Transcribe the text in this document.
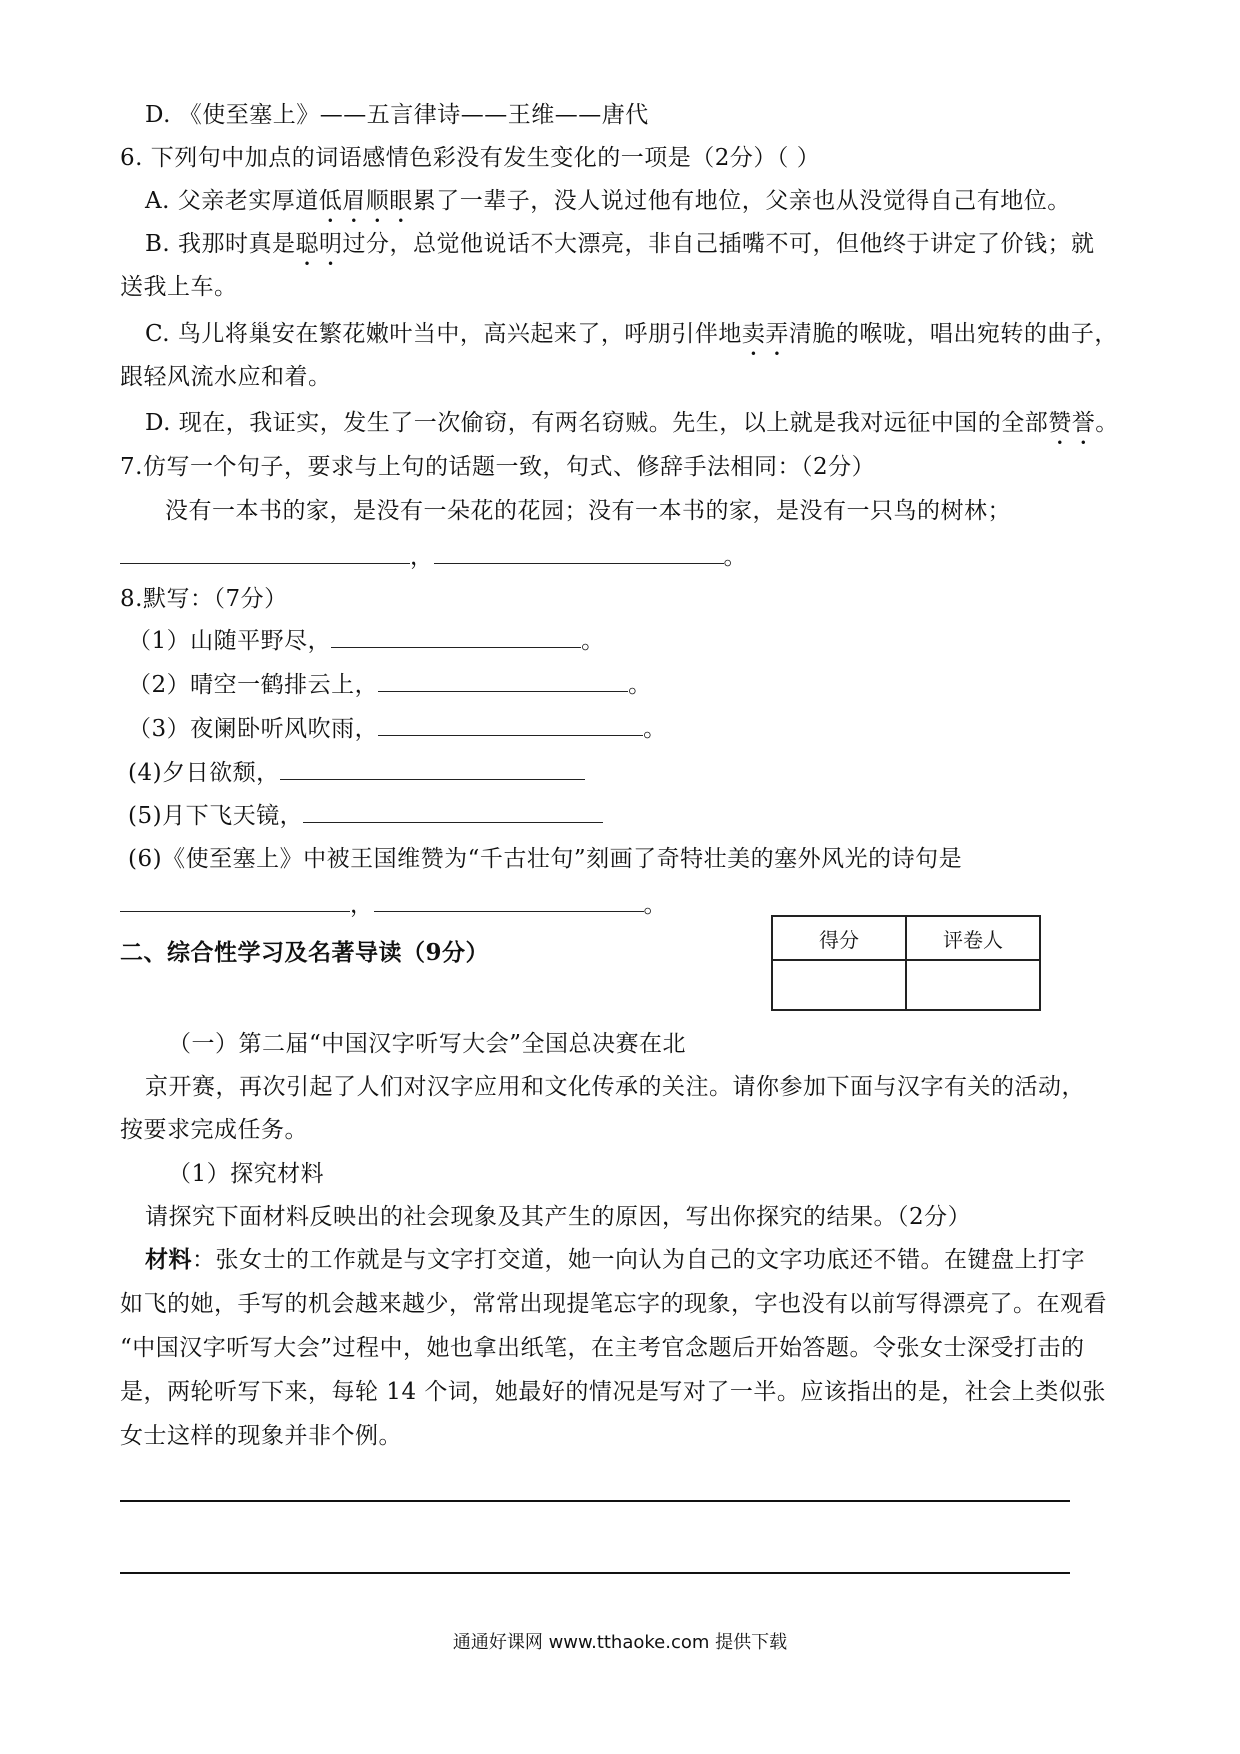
D. 《使至塞上》——五言律诗——王维——唐代
6. 下列句中加点的词语感情色彩没有发生变化的一项是（2分）（ ）
A. 父亲老实厚道低眉顺眼累了一辈子，没人说过他有地位，父亲也从没觉得自己有地位。
B. 我那时真是聪明过分，总觉他说话不大漂亮，非自己插嘴不可，但他终于讲定了价钱；就
送我上车。
C. 鸟儿将巢安在繁花嫩叶当中，高兴起来了，呼朋引伴地卖弄清脆的喉咙，唱出宛转的曲子，
跟轻风流水应和着。
D. 现在，我证实，发生了一次偷窃，有两名窃贼。先生，以上就是我对远征中国的全部赞誉。
7.仿写一个句子，要求与上句的话题一致，句式、修辞手法相同：（2分）
没有一本书的家，是没有一朵花的花园；没有一本书的家，是没有一只鸟的树林；
，	。
8.默写：（7分）
（1）山随平野尽，	。
（2）晴空一鹤排云上，	。
（3）夜阑卧听风吹雨，	。
(4)夕日欲颓，
(5)月下飞天镜，
(6)《使至塞上》中被王国维赞为“千古壮句”刻画了奇特壮美的塞外风光的诗句是
，	。
二、综合性学习及名著导读（9分）	得分	评卷人

（一）第二届“中国汉字听写大会”全国总决赛在北
京开赛，再次引起了人们对汉字应用和文化传承的关注。请你参加下面与汉字有关的活动，
按要求完成任务。
（1）探究材料
请探究下面材料反映出的社会现象及其产生的原因，写出你探究的结果。（2分）
材料：张女士的工作就是与文字打交道，她一向认为自己的文字功底还不错。在键盘上打字
如飞的她，手写的机会越来越少，常常出现提笔忘字的现象，字也没有以前写得漂亮了。在观看
“中国汉字听写大会”过程中，她也拿出纸笔，在主考官念题后开始答题。令张女士深受打击的
是，两轮听写下来，每轮 14 个词，她最好的情况是写对了一半。应该指出的是，社会上类似张
女士这样的现象并非个例。
通通好课网 www.tthaoke.com 提供下载
